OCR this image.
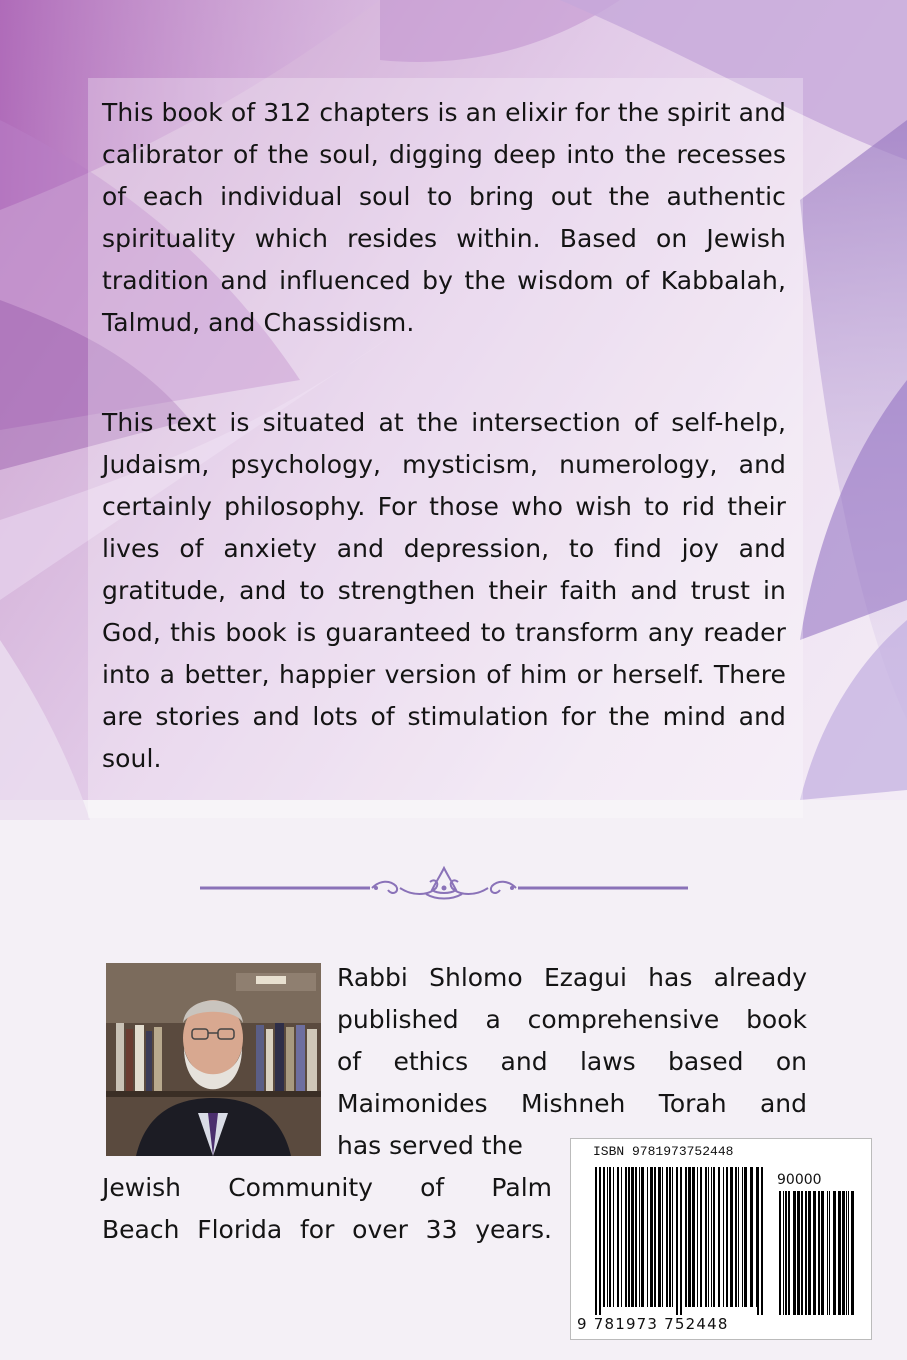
This book of 312 chapters is an elixir for the spirit and calibrator of the soul, digging deep into the recesses of each individual soul to bring out the authentic spirituality which resides within. Based on Jewish tradition and influenced by the wisdom of Kabbalah, Talmud, and Chassidism.

This text is situated at the intersection of self-help, Judaism, psychology, mysticism, numerology, and certainly philosophy. For those who wish to rid their lives of anxiety and depression, to find joy and gratitude, and to strengthen their faith and trust in God, this book is guaranteed to transform any reader into a better, happier version of him or herself. There are stories and lots of stimulation for the mind and soul.

Rabbi Shlomo Ezagui has already
published a comprehensive book
of ethics and laws based on
Maimonides Mishneh Torah and
has served the

Jewish Community of Palm
Beach Florida for over 33 years.

ISBN 9781973752448
90000
9 781973 752448
